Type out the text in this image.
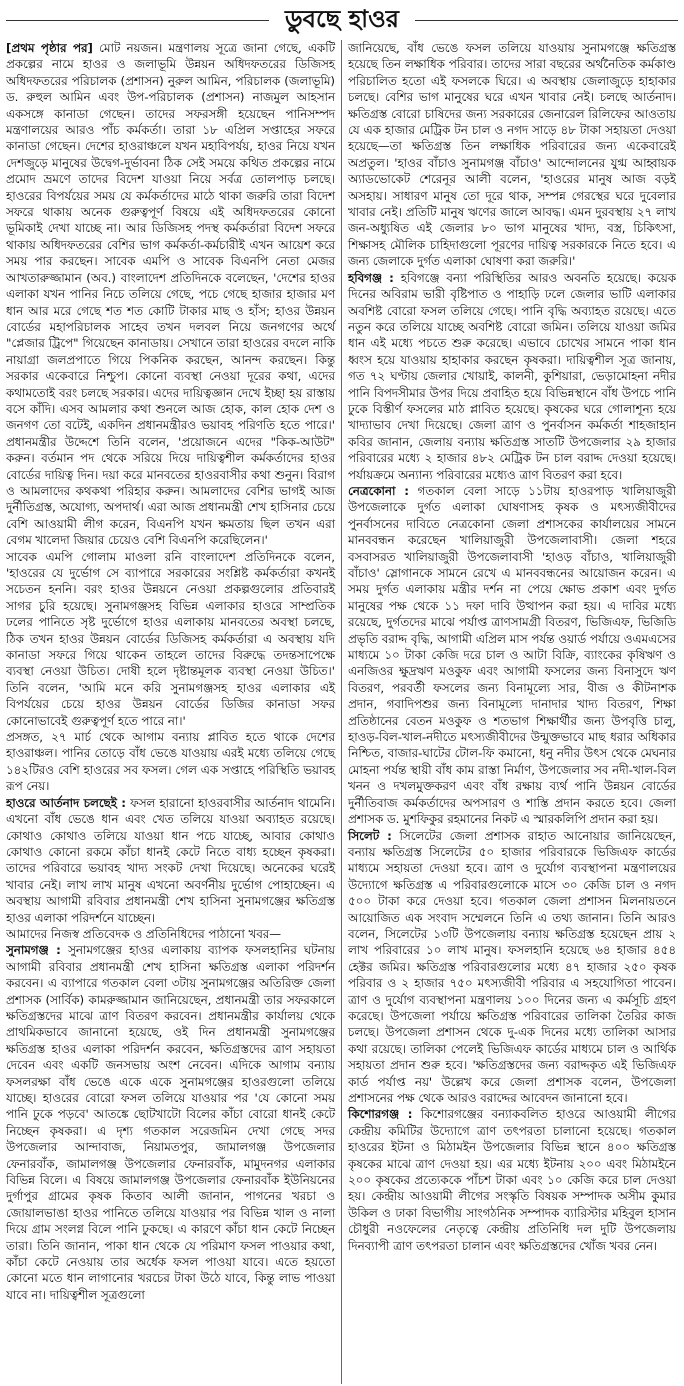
ডুবছে হাওর

[প্রথম পৃষ্ঠার পর] মোট নয়জন। মন্ত্রণালয় সূত্রে জানা গেছে, একটি প্রকল্পের নামে হাওর ও জলাভূমি উন্নয়ন অধিদফতরের ডিজিসহ অধিদফতরের পরিচালক (প্রশাসন) নুরুল আমিন, পরিচালক (জলাভূমি) ড. রুহুল আমিন এবং উপ-পরিচালক (প্রশাসন) নাজমুল আহসান একসঙ্গে কানাডা গেছেন। তাদের সফরসঙ্গী হয়েছেন পানিসম্পদ মন্ত্রণালয়ের আরও পাঁচ কর্মকর্তা। তারা ১৮ এপ্রিল সপ্তাহের সফরে কানাডা গেছেন। দেশের হাওরাঞ্চলে যখন মহাবিপর্যয়, হাওর নিয়ে যখন দেশজুড়ে মানুষের উদ্বেগ-দুর্ভাবনা ঠিক সেই সময়ে কথিত প্রকল্পের নামে প্রমোদ ভ্রমণে তাদের বিদেশ যাওয়া নিয়ে সর্বত্র তোলপাড় চলছে। হাওরের বিপর্যয়ের সময় যে কর্মকর্তাদের মাঠে থাকা জরুরি তারা বিদেশ সফরে থাকায় অনেক গুরুত্বপূর্ণ বিষয়ে এই অধিদফতরের কোনো ভূমিকাই দেখা যাচ্ছে না। আর ডিজিসহ পদস্থ কর্মকর্তারা বিদেশ সফরে থাকায় অধিদফতরের বেশির ভাগ কর্মকর্তা-কর্মচারীই এখন আয়েশ করে সময় পার করছেন। সাবেক এমপি ও সাবেক বিএনপি নেতা মেজর আখতারুজ্জামান (অব.) বাংলাদেশ প্রতিদিনকে বলেছেন, 'দেশের হাওর এলাকা যখন পানির নিচে তলিয়ে গেছে, পচে গেছে হাজার হাজার মণ ধান আর মরে গেছে শত শত কোটি টাকার মাছ ও হাঁস; হাওর উন্নয়ন বোর্ডের মহাপরিচালক সাহেব তখন দলবল নিয়ে জনগণের অর্থে "প্লেজার ট্রিপে" গিয়েছেন কানাডায়। সেখানে তারা হাওরের বদলে নাকি নায়াগ্রা জলপ্রপাতে গিয়ে পিকনিক করছেন, আনন্দ করছেন। কিন্তু সরকার একেবারে নিশ্চুপ। কোনো ব্যবস্থা নেওয়া দূরের কথা, এদের কথামতোই বরং চলছে সরকার। এদের দায়িত্বজ্ঞান দেখে ইচ্ছা হয় রাস্তায় বসে কাঁদি। এসব আমলার কথা শুনলে আজ হোক, কাল হোক দেশ ও জনগণ তো বটেই, একদিন প্রধানমন্ত্রীরও ভয়াবহ পরিণতি হতে পারে।' প্রধানমন্ত্রীর উদ্দেশে তিনি বলেন, 'প্রয়োজনে এদের "কিক-আউট" করুন। বর্তমান পদ থেকে সরিয়ে দিয়ে দায়িত্বশীল কর্মকর্তাদের হাওর বোর্ডের দায়িত্ব দিন। দয়া করে মানবতের হাওরবাসীর কথা শুনুন। বিরাগ ও আমলাদের কথকথা পরিহার করুন। আমলাদের বেশির ভাগই আজ দুর্নীতিগ্রস্ত, অযোগ্য, অপদার্থ। এরা আজ প্রধানমন্ত্রী শেখ হাসিনার চেয়ে বেশি আওয়ামী লীগ করেন, বিএনপি যখন ক্ষমতায় ছিল তখন এরা বেগম খালেদা জিয়ার চেয়েও বেশি বিএনপি করেছিলেন।'

সাবেক এমপি গোলাম মাওলা রনি বাংলাদেশ প্রতিদিনকে বলেন, 'হাওরের যে দুর্ভোগ সে ব্যাপারে সরকারের সংশ্লিষ্ট কর্মকর্তারা কখনই সচেতন হননি। বরং হাওর উন্নয়নে নেওয়া প্রকল্পগুলোর প্রতিবারই সাগর চুরি হয়েছে। সুনামগঞ্জসহ বিভিন্ন এলাকার হাওরে সাম্প্রতিক ঢলের পানিতে সৃষ্ট দুর্ভোগে হাওর এলাকায় মানবতের অবস্থা চলছে, ঠিক তখন হাওর উন্নয়ন বোর্ডের ডিজিসহ কর্মকর্তারা এ অবস্থায় যদি কানাডা সফরে গিয়ে থাকেন তাহলে তাদের বিরুদ্ধে তদন্তসাপেক্ষে ব্যবস্থা নেওয়া উচিত। দোষী হলে দৃষ্টান্তমূলক ব্যবস্থা নেওয়া উচিত।' তিনি বলেন, 'আমি মনে করি সুনামগঞ্জসহ হাওর এলাকার এই বিপর্যয়ের চেয়ে হাওর উন্নয়ন বোর্ডের ডিজির কানাডা সফর কোনোভাবেই গুরুত্বপূর্ণ হতে পারে না।'

প্রসঙ্গত, ২৭ মার্চ থেকে আগাম বন্যায় প্লাবিত হতে থাকে দেশের হাওরাঞ্চল। পানির তোড়ে বাঁধ ভেঙে যাওয়ায় এরই মধ্যে তলিয়ে গেছে ১৪২টিরও বেশি হাওরের সব ফসল। গেল এক সপ্তাহে পরিস্থিতি ভয়াবহ রূপ নেয়।

হাওরে আর্তনাদ চলছেই : ফসল হারানো হাওরবাসীর আর্তনাদ থামেনি। এখনো বাঁধ ভেঙে ধান এবং খেত তলিয়ে যাওয়া অব্যাহত রয়েছে। কোথাও কোথাও তলিয়ে যাওয়া ধান পচে যাচ্ছে, আবার কোথাও কোথাও কোনো রকমে কাঁচা ধানই কেটে নিতে বাধ্য হচ্ছেন কৃষকরা। তাদের পরিবারে ভয়াবহ খাদ্য সংকট দেখা দিয়েছে। অনেকের ঘরেই খাবার নেই। লাখ লাখ মানুষ এখনো অবর্ণনীয় দুর্ভোগ পোহাচ্ছেন। এ অবস্থায় আগামী রবিবার প্রধানমন্ত্রী শেখ হাসিনা সুনামগঞ্জের ক্ষতিগ্রস্ত হাওর এলাকা পরিদর্শনে যাচ্ছেন।

আমাদের নিজস্ব প্রতিবেদক ও প্রতিনিধিদের পাঠানো খবর—

সুনামগঞ্জ : সুনামগঞ্জের হাওর এলাকায় ব্যাপক ফসলহানির ঘটনায় আগামী রবিবার প্রধানমন্ত্রী শেখ হাসিনা ক্ষতিগ্রস্ত এলাকা পরিদর্শন করবেন। এ ব্যাপারে গতকাল বেলা ৩টায় সুনামগঞ্জের অতিরিক্ত জেলা প্রশাসক (সার্বিক) কামরুজ্জামান জানিয়েছেন, প্রধানমন্ত্রী তার সফরকালে ক্ষতিগ্রস্তদের মাঝে ত্রাণ বিতরণ করবেন। প্রধানমন্ত্রীর কার্যালয় থেকে প্রাথমিকভাবে জানানো হয়েছে, ওই দিন প্রধানমন্ত্রী সুনামগঞ্জের ক্ষতিগ্রস্ত হাওর এলাকা পরিদর্শন করবেন, ক্ষতিগ্রস্তদের ত্রাণ সহায়তা দেবেন এবং একটি জনসভায় অংশ নেবেন। এদিকে আগাম বন্যায় ফসলরক্ষা বাঁধ ভেঙে একে একে সুনামগঞ্জের হাওরগুলো তলিয়ে যাচ্ছে। হাওরের বোরো ফসল তলিয়ে যাওয়ার পর 'যে কোনো সময় পানি ঢুকে পড়বে' আতঙ্কে ছোটখাটো বিলের কাঁচা বোরো ধানই কেটে নিচ্ছেন কৃষকরা। এ দৃশ্য গতকাল সরেজমিন দেখা গেছে সদর উপজেলার আন্দাবাজ, নিয়ামতপুর, জামালগঞ্জ উপজেলার ফেনারবাঁক, জামালগঞ্জ উপজেলার ফেনারবাঁক, মামুদনগর এলাকার বিভিন্ন বিলে। এ বিষয়ে জামালগঞ্জ উপজেলার ফেনারবাঁক ইউনিয়নের দুর্গাপুর গ্রামের কৃষক কিতাব আলী জানান, পাগনের খরচা ও জোয়ালভাঙা হাওর পানিতে তলিয়ে যাওয়ার পর বিভিন্ন খাল ও নালা দিয়ে গ্রাম সংলগ্ন বিলে পানি ঢুকছে। এ কারণে কাঁচা ধান কেটে নিচ্ছেন তারা। তিনি জানান, পাকা ধান থেকে যে পরিমাণ ফসল পাওয়ার কথা, কাঁচা কেটে নেওয়ায় তার অর্ধেক ফসল পাওয়া যাবে। এতে হয়তো কোনো মতে ধান লাগানোর খরচের টাকা উঠে যাবে, কিন্তু লাভ পাওয়া যাবে না। দায়িত্বশীল সূত্রগুলো

জানিয়েছে, বাঁধ ভেঙে ফসল তলিয়ে যাওয়ায় সুনামগঞ্জে ক্ষতিগ্রস্ত হয়েছে তিন লক্ষাধিক পরিবার। তাদের সারা বছরের অর্থনৈতিক কর্মকাণ্ড পরিচালিত হতো এই ফসলকে ঘিরে। এ অবস্থায় জেলাজুড়ে হাহাকার চলছে। বেশির ভাগ মানুষের ঘরে এখন খাবার নেই। চলছে আর্তনাদ। ক্ষতিগ্রস্ত বোরো চাষিদের জন্য সরকারের জেনারেল রিলিফের আওতায় যে এক হাজার মেট্রিক টন চাল ও নগদ সাড়ে ৪৮ টাকা সহায়তা দেওয়া হয়েছে—তা ক্ষতিগ্রস্ত তিন লক্ষাধিক পরিবারের জন্য একেবারেই অপ্রতুল। 'হাওর বাঁচাও সুনামগঞ্জ বাঁচাও' আন্দোলনের যুগ্ম আহ্বায়ক অ্যাডভোকেট শেরেনূর আলী বলেন, 'হাওরের মানুষ আজ বড়ই অসহায়। সাধারণ মানুষ তো দূরে থাক, সম্পন্ন গেরস্থের ঘরে দুবেলার খাবার নেই। প্রতিটি মানুষ ঋণের জালে আবদ্ধ। এমন দুরবস্থায় ২৭ লাখ জন-অধ্যুষিত এই জেলার ৮০ ভাগ মানুষের খাদ্য, বস্ত্র, চিকিৎসা, শিক্ষাসহ মৌলিক চাহিদাগুলো পূরণের দায়িত্ব সরকারকে নিতে হবে। এ জন্য জেলাকে দুর্গত এলাকা ঘোষণা করা জরুরি।'

হবিগঞ্জ : হবিগঞ্জে বন্যা পরিস্থিতির আরও অবনতি হয়েছে। কয়েক দিনের অবিরাম ভারী বৃষ্টিপাত ও পাহাড়ি ঢলে জেলার ভাটি এলাকার অবশিষ্ট বোরো ফসল তলিয়ে গেছে। পানি বৃদ্ধি অব্যাহত রয়েছে। এতে নতুন করে তলিয়ে যাচ্ছে অবশিষ্ট বোরো জমিন। তলিয়ে যাওয়া জমির ধান এই মধ্যে পচতে শুরু করেছে। এভাবে চোখের সামনে পাকা ধান ধ্বংস হয়ে যাওয়ায় হাহাকার করছেন কৃষকরা। দায়িত্বশীল সূত্র জানায়, গত ৭২ ঘণ্টায় জেলার খোয়াই, কালনী, কুশিয়ারা, ভেড়ামোহনা নদীর পানি বিপদসীমার উপর দিয়ে প্রবাহিত হয়ে বিভিন্নস্থানে বাঁধ উপচে পানি ঢুকে বিস্তীর্ণ ফসলের মাঠ প্লাবিত হয়েছে। কৃষকের ঘরে গোলাশূন্য হয়ে খাদ্যাভাব দেখা দিয়েছে। জেলা ত্রাণ ও পুনর্বাসন কর্মকর্তা শাহজাহান কবির জানান, জেলায় বন্যায় ক্ষতিগ্রস্ত সাতটি উপজেলার ২৯ হাজার পরিবারের মধ্যে ২ হাজার ৪৮২ মেট্রিক টন চাল বরাদ্দ দেওয়া হয়েছে। পর্যায়ক্রমে অন্যান্য পরিবারের মধ্যেও ত্রাণ বিতরণ করা হবে।

নেত্রকোনা : গতকাল বেলা সাড়ে ১১টায় হাওরপাড় খালিয়াজুরী উপজেলাকে দুর্গত এলাকা ঘোষণাসহ কৃষক ও মৎস্যজীবীদের পুনর্বাসনের দাবিতে নেত্রকোনা জেলা প্রশাসকের কার্যালয়ের সামনে মানববন্ধন করেছেন খালিয়াজুরী উপজেলাবাসী। জেলা শহরে বসবাসরত খালিয়াজুরী উপজেলাবাসী 'হাওড় বাঁচাও, খালিয়াজুরী বাঁচাও' স্লোগানকে সামনে রেখে এ মানববন্ধনের আয়োজন করেন। এ সময় দুর্গত এলাকায় মন্ত্রীর দর্শন না পেয়ে ক্ষোভ প্রকাশ এবং দুর্গত মানুষের পক্ষ থেকে ১১ দফা দাবি উত্থাপন করা হয়। এ দাবির মধ্যে রয়েছে, দুর্গতদের মাঝে পর্যাপ্ত ত্রাণসামগ্রী বিতরণ, ভিজিএফ, ভিজিডি প্রভৃতি বরাদ্দ বৃদ্ধি, আগামী এপ্রিল মাস পর্যন্ত ওয়ার্ড পর্যায়ে ওএমএসের মাধ্যমে ১০ টাকা কেজি দরে চাল ও আটা বিক্রি, ব্যাংকের কৃষিঋণ ও এনজিওর ক্ষুদ্রঋণ মওকুফ এবং আগামী ফসলের জন্য বিনাসুদে ঋণ বিতরণ, পরবর্তী ফসলের জন্য বিনামূল্যে সার, বীজ ও কীটনাশক প্রদান, গবাদিপশুর জন্য বিনামূল্যে দানাদার খাদ্য বিতরণ, শিক্ষা প্রতিষ্ঠানের বেতন মওকুফ ও শতভাগ শিক্ষার্থীর জন্য উপবৃত্তি চালু, হাওড়-বিল-খাল-নদীতে মৎস্যজীবীদের উন্মুক্তভাবে মাছ ধরার অধিকার নিশ্চিত, বাজার-ঘাটের টোল-ফি কমানো, ধনু নদীর উৎস থেকে মেঘনার মোহনা পর্যন্ত স্থায়ী বাঁধ কাম রাস্তা নির্মাণ, উপজেলার সব নদী-খাল-বিল খনন ও দখলমুক্তকরণ এবং বাঁধ রক্ষায় ব্যর্থ পানি উন্নয়ন বোর্ডের দুর্নীতিবাজ কর্মকর্তাদের অপসারণ ও শাস্তি প্রদান করতে হবে। জেলা প্রশাসক ড. মুশফিকুর রহমানের নিকট এ স্মারকলিপি প্রদান করা হয়।

সিলেট : সিলেটের জেলা প্রশাসক রাহাত আনোয়ার জানিয়েছেন, বন্যায় ক্ষতিগ্রস্ত সিলেটের ৫০ হাজার পরিবারকে ভিজিএফ কার্ডের মাধ্যমে সহায়তা দেওয়া হবে। ত্রাণ ও দুর্যোগ ব্যবস্থাপনা মন্ত্রণালয়ের উদ্যোগে ক্ষতিগ্রস্ত এ পরিবারগুলোকে মাসে ৩০ কেজি চাল ও নগদ ৫০০ টাকা করে দেওয়া হবে। গতকাল জেলা প্রশাসন মিলনায়তনে আয়োজিত এক সংবাদ সম্মেলনে তিনি এ তথ্য জানান। তিনি আরও বলেন, সিলেটের ১৩টি উপজেলায় বন্যায় ক্ষতিগ্রস্ত হয়েছেন প্রায় ২ লাখ পরিবারের ১০ লাখ মানুষ। ফসলহানি হয়েছে ৬৪ হাজার ৪৫৪ হেক্টর জমির। ক্ষতিগ্রস্ত পরিবারগুলোর মধ্যে ৪৭ হাজার ২৫০ কৃষক পরিবার ও ২ হাজার ৭৫০ মৎস্যজীবী পরিবার এ সহযোগিতা পাবেন। ত্রাণ ও দুর্যোগ ব্যবস্থাপনা মন্ত্রণালয় ১০০ দিনের জন্য এ কর্মসূচি গ্রহণ করেছে। উপজেলা পর্যায়ে ক্ষতিগ্রস্ত পরিবারের তালিকা তৈরির কাজ চলছে। উপজেলা প্রশাসন থেকে দু-এক দিনের মধ্যে তালিকা আসার কথা রয়েছে। তালিকা পেলেই ভিজিএফ কার্ডের মাধ্যমে চাল ও আর্থিক সহায়তা প্রদান শুরু হবে। 'ক্ষতিগ্রস্তদের জন্য বরাদ্দকৃত এই ভিজিএফ কার্ড পর্যাপ্ত নয়' উল্লেখ করে জেলা প্রশাসক বলেন, উপজেলা প্রশাসনের পক্ষ থেকে আরও বরাদ্দের আবেদন জানানো হবে।

কিশোরগঞ্জ : কিশোরগঞ্জের বন্যাকবলিত হাওরে আওয়ামী লীগের কেন্দ্রীয় কমিটির উদ্যোগে ত্রাণ তৎপরতা চালানো হয়েছে। গতকাল হাওরের ইটনা ও মিঠামইন উপজেলার বিভিন্ন স্থানে ৪০০ ক্ষতিগ্রস্ত কৃষকের মাঝে ত্রাণ দেওয়া হয়। এর মধ্যে ইটনায় ২০০ এবং মিঠামইনে ২০০ কৃষকের প্রত্যেককে পাঁচশ টাকা এবং ১০ কেজি করে চাল দেওয়া হয়। কেন্দ্রীয় আওয়ামী লীগের সংস্কৃতি বিষয়ক সম্পাদক অসীম কুমার উকিল ও ঢাকা বিভাগীয় সাংগঠনিক সম্পাদক ব্যারিস্টার মহিবুল হাসান চৌধুরী নওফেলের নেতৃত্বে কেন্দ্রীয় প্রতিনিধি দল দুটি উপজেলায় দিনব্যাপী ত্রাণ তৎপরতা চালান এবং ক্ষতিগ্রস্তদের খোঁজ খবর নেন।
